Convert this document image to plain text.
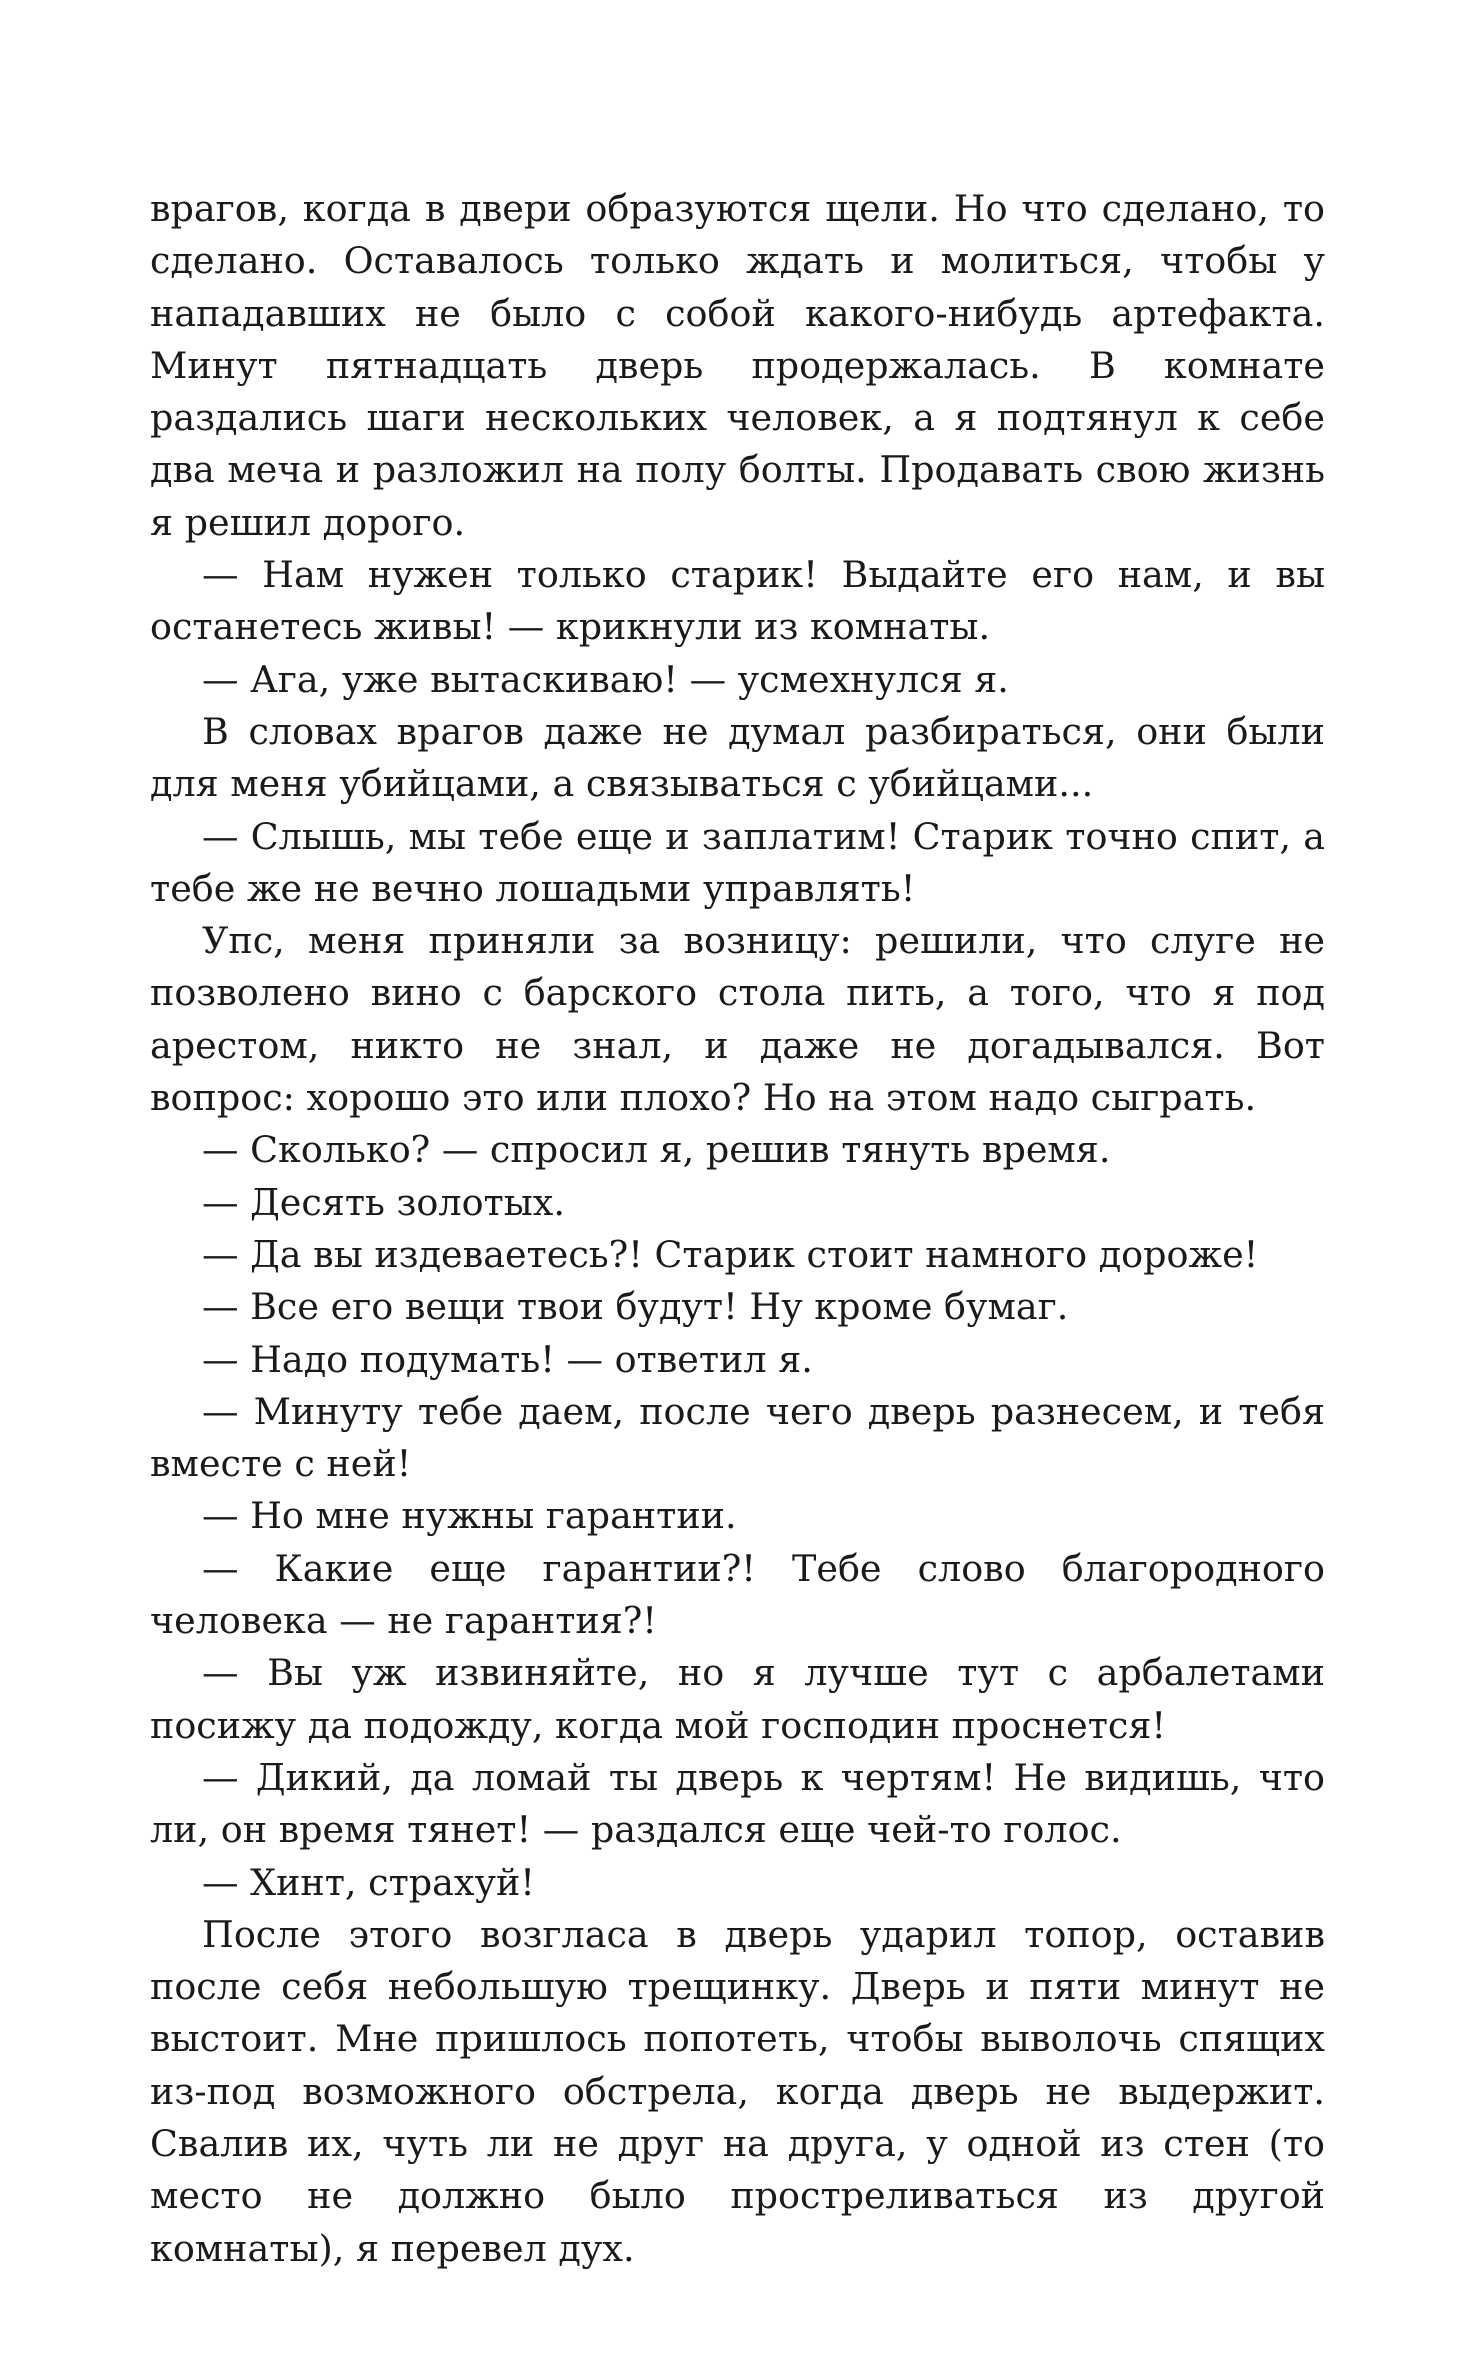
врагов, когда в двери образуются щели. Но что сделано, то сделано. Оставалось только ждать и молиться, чтобы у нападавших не было с собой какого-нибудь артефакта. Минут пятнадцать дверь продержалась. В комнате раздались шаги нескольких человек, а я подтянул к себе два меча и разложил на полу болты. Продавать свою жизнь я решил дорого.

— Нам нужен только старик! Выдайте его нам, и вы останетесь живы! — крикнули из комнаты.

— Ага, уже вытаскиваю! — усмехнулся я.

В словах врагов даже не думал разбираться, они были для меня убийцами, а связываться с убийцами...

— Слышь, мы тебе еще и заплатим! Старик точно спит, а тебе же не вечно лошадьми управлять!

Упс, меня приняли за возницу: решили, что слуге не позволено вино с барского стола пить, а того, что я под арестом, никто не знал, и даже не догадывался. Вот вопрос: хорошо это или плохо? Но на этом надо сыграть.

— Сколько? — спросил я, решив тянуть время.

— Десять золотых.

— Да вы издеваетесь?! Старик стоит намного дороже!

— Все его вещи твои будут! Ну кроме бумаг.

— Надо подумать! — ответил я.

— Минуту тебе даем, после чего дверь разнесем, и тебя вместе с ней!

— Но мне нужны гарантии.

— Какие еще гарантии?! Тебе слово благородного человека — не гарантия?!

— Вы уж извиняйте, но я лучше тут с арбалетами посижу да подожду, когда мой господин проснется!

— Дикий, да ломай ты дверь к чертям! Не видишь, что ли, он время тянет! — раздался еще чей-то голос.

— Хинт, страхуй!

После этого возгласа в дверь ударил топор, оставив после себя небольшую трещинку. Дверь и пяти минут не выстоит. Мне пришлось попотеть, чтобы выволочь спящих из-под возможного обстрела, когда дверь не выдержит. Свалив их, чуть ли не друг на друга, у одной из стен (то место не должно было простреливаться из другой комнаты), я перевел дух.
